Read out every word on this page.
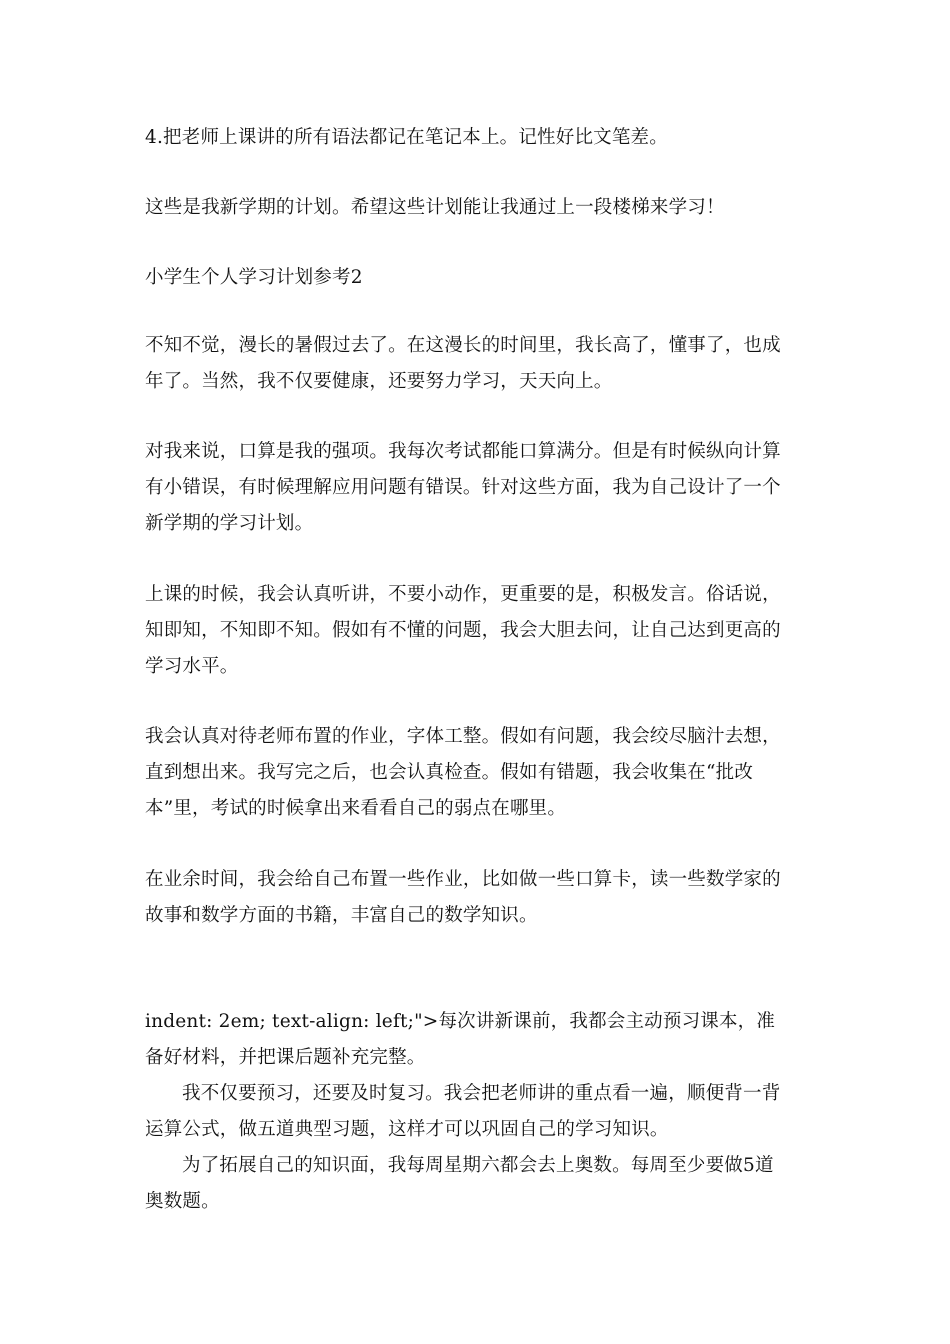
4.把老师上课讲的所有语法都记在笔记本上。记性好比文笔差。
这些是我新学期的计划。希望这些计划能让我通过上一段楼梯来学习！
小学生个人学习计划参考2
不知不觉，漫长的暑假过去了。在这漫长的时间里，我长高了，懂事了，也成
年了。当然，我不仅要健康，还要努力学习，天天向上。
对我来说，口算是我的强项。我每次考试都能口算满分。但是有时候纵向计算
有小错误，有时候理解应用问题有错误。针对这些方面，我为自己设计了一个
新学期的学习计划。
上课的时候，我会认真听讲，不要小动作，更重要的是，积极发言。俗话说，
知即知，不知即不知。假如有不懂的问题，我会大胆去问，让自己达到更高的
学习水平。
我会认真对待老师布置的作业，字体工整。假如有问题，我会绞尽脑汁去想，
直到想出来。我写完之后，也会认真检查。假如有错题，我会收集在“批改
本”里，考试的时候拿出来看看自己的弱点在哪里。
在业余时间，我会给自己布置一些作业，比如做一些口算卡，读一些数学家的
故事和数学方面的书籍，丰富自己的数学知识。
indent: 2em; text-align: left;">每次讲新课前，我都会主动预习课本，准
备好材料，并把课后题补充完整。
我不仅要预习，还要及时复习。我会把老师讲的重点看一遍，顺便背一背
运算公式，做五道典型习题，这样才可以巩固自己的学习知识。
为了拓展自己的知识面，我每周星期六都会去上奥数。每周至少要做5道
奥数题。
